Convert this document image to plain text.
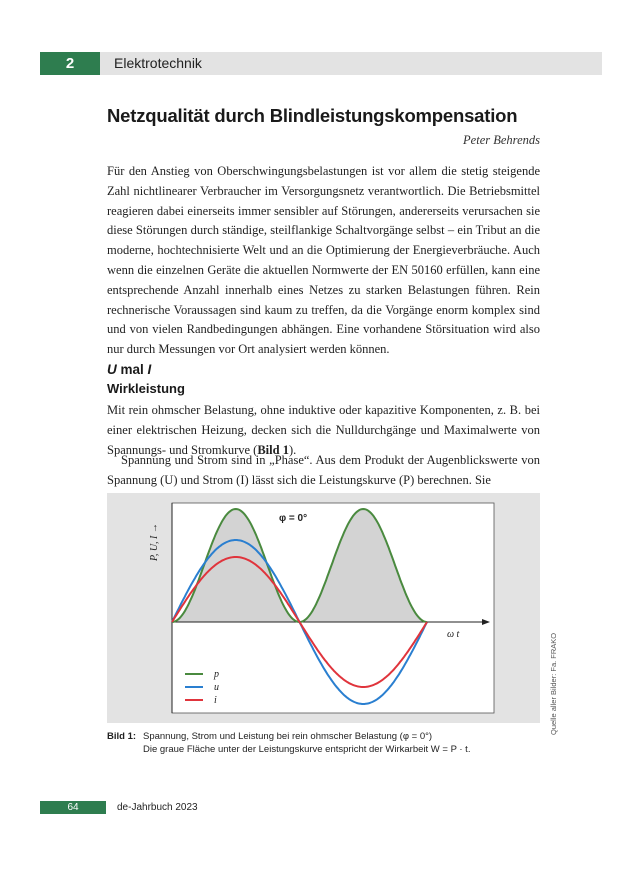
2	Elektrotechnik
Netzqualität durch Blindleistungskompensation
Peter Behrends

Für den Anstieg von Oberschwingungsbelastungen ist vor allem die stetig steigende Zahl nichtlinearer Verbraucher im Versorgungsnetz verantwortlich. Die Betriebsmittel reagieren dabei einerseits immer sensibler auf Störungen, andererseits verursachen sie diese Störungen durch ständige, steilflankige Schaltvorgänge selbst – ein Tribut an die moderne, hochtechnisierte Welt und an die Optimierung der Energieverbräuche. Auch wenn die einzelnen Geräte die aktuellen Normwerte der EN 50160 erfüllen, kann eine entsprechende Anzahl innerhalb eines Netzes zu starken Belastungen führen. Rein rechnerische Voraussagen sind kaum zu treffen, da die Vorgänge enorm komplex sind und von vielen Randbedingungen abhängen. Eine vorhandene Störsituation wird also nur durch Messungen vor Ort analysiert werden können.

U mal I
Wirkleistung

Mit rein ohmscher Belastung, ohne induktive oder kapazitive Komponenten, z. B. bei einer elektrischen Heizung, decken sich die Nulldurchgänge und Maximalwerte von Spannungs- und Stromkurve (Bild 1).

Spannung und Strom sind in „Phase“. Aus dem Produkt der Augenblickswerte von Spannung (U) und Strom (I) lässt sich die Leistungskurve (P) berechnen. Sie

φ = 0°
P, U, I →
ω t
p
u
i	Quelle aller Bilder: Fa. FRAKO
Bild 1: Spannung, Strom und Leistung bei rein ohmscher Belastung (φ = 0°)
Die graue Fläche unter der Leistungskurve entspricht der Wirkarbeit W = P · t.
64	de-Jahrbuch 2023
